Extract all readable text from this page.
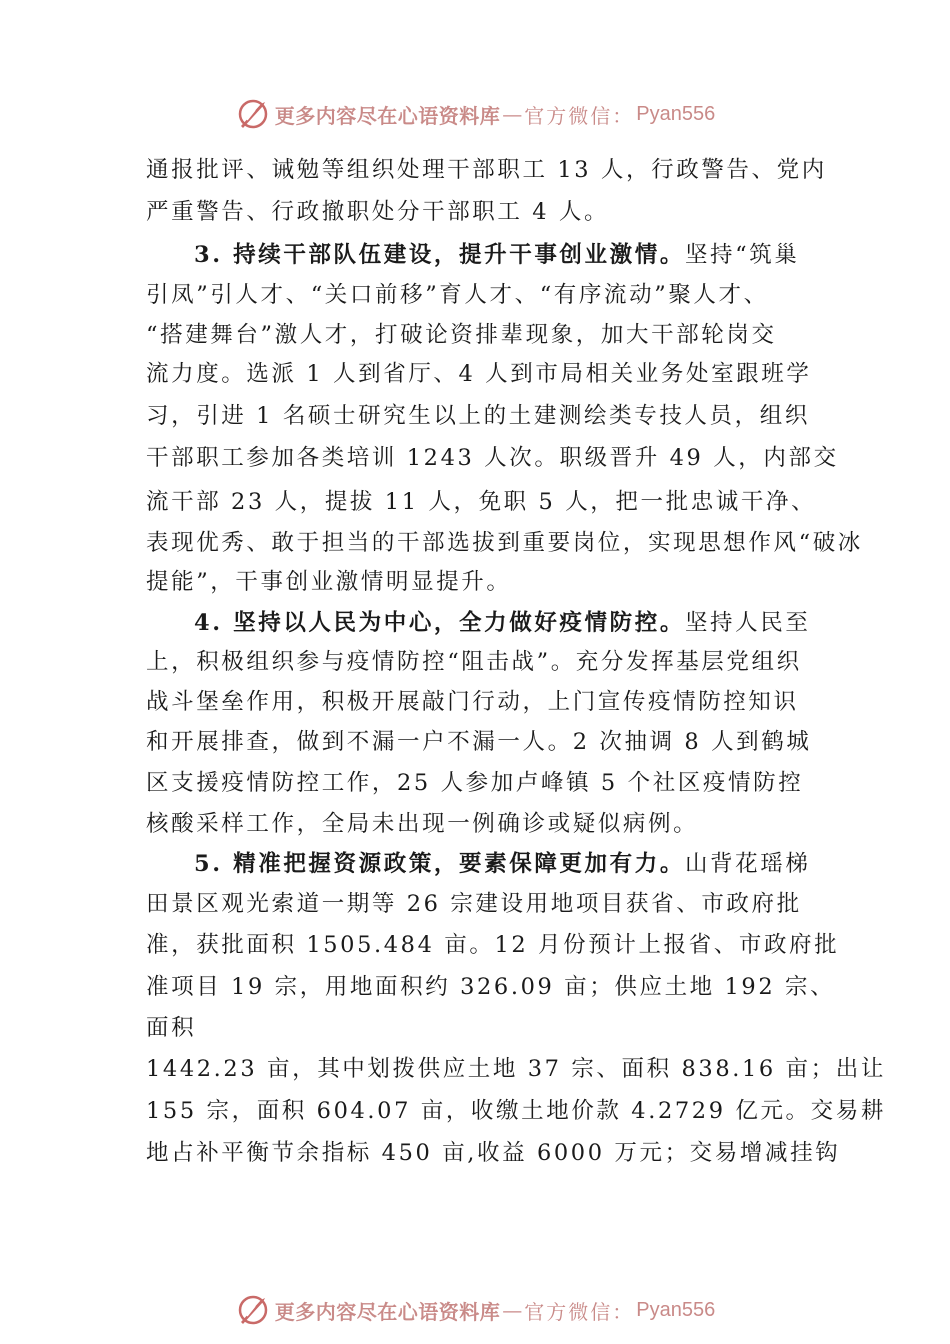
更多内容尽在心语资料库 — 官方微信： Pyan556
通报批评、诫勉等组织处理干部职工 13 人，行政警告、党内
严重警告、行政撤职处分干部职工 4 人。
3. 持续干部队伍建设，提升干事创业激情。坚持“筑巢
引凤”引人才、“关口前移”育人才、“有序流动”聚人才、
“搭建舞台”激人才，打破论资排辈现象，加大干部轮岗交
流力度。选派 1 人到省厅、4 人到市局相关业务处室跟班学
习，引进 1 名硕士研究生以上的土建测绘类专技人员，组织
干部职工参加各类培训 1243 人次。职级晋升 49 人，内部交
流干部 23 人，提拔 11 人，免职 5 人，把一批忠诚干净、
表现优秀、敢于担当的干部选拔到重要岗位，实现思想作风“破冰
提能”，干事创业激情明显提升。
4. 坚持以人民为中心，全力做好疫情防控。坚持人民至
上，积极组织参与疫情防控“阻击战”。充分发挥基层党组织
战斗堡垒作用，积极开展敲门行动，上门宣传疫情防控知识
和开展排查，做到不漏一户不漏一人。2 次抽调 8 人到鹤城
区支援疫情防控工作，25 人参加卢峰镇 5 个社区疫情防控
核酸采样工作，全局未出现一例确诊或疑似病例。
5. 精准把握资源政策，要素保障更加有力。山背花瑶梯
田景区观光索道一期等 26 宗建设用地项目获省、市政府批
准，获批面积 1505.484 亩。12 月份预计上报省、市政府批
准项目 19 宗，用地面积约 326.09 亩；供应土地 192 宗、
面积
1442.23 亩，其中划拨供应土地 37 宗、面积 838.16 亩；出让
155 宗，面积 604.07 亩，收缴土地价款 4.2729 亿元。交易耕
地占补平衡节余指标 450 亩,收益 6000 万元；交易增减挂钩
更多内容尽在心语资料库 — 官方微信： Pyan556
